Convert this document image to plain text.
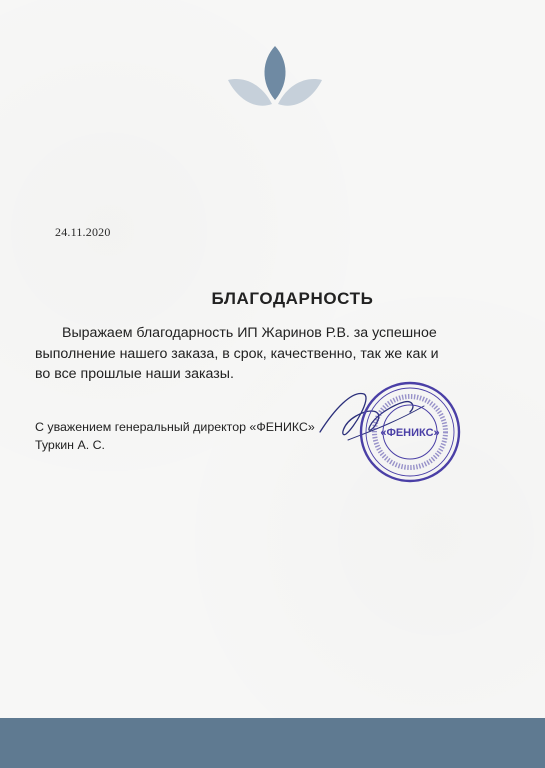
24.11.2020
БЛАГОДАРНОСТЬ
Выражаем благодарность ИП Жаринов Р.В. за успешное
выполнение нашего заказа, в срок, качественно, так же как и
во все прошлые наши заказы.
С уважением генеральный директор «ФЕНИКС»
Туркин А. С.
«ФЕНИКС»
